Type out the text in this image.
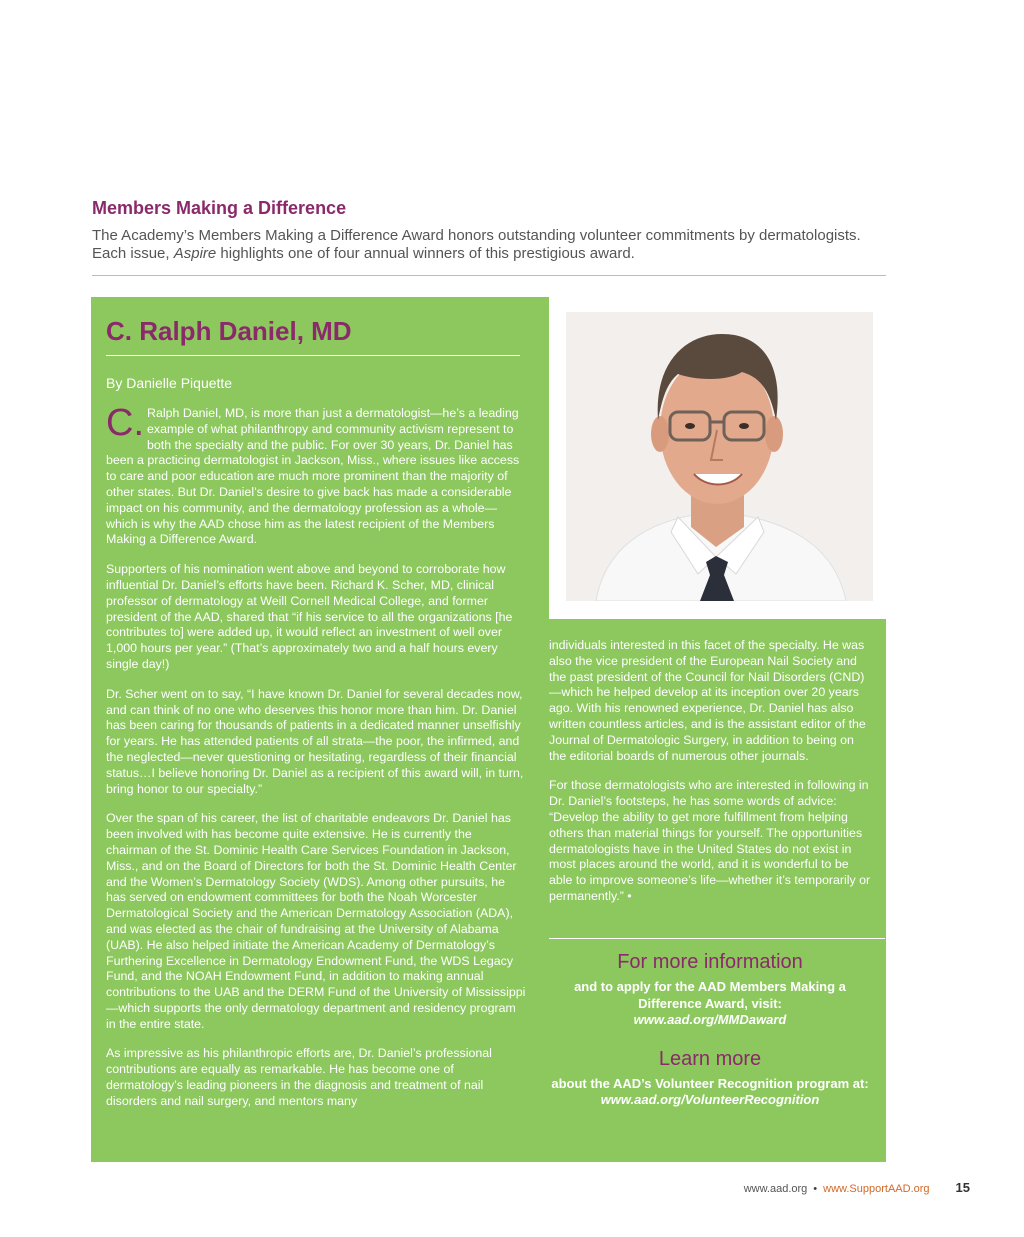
Members Making a Difference

The Academy’s Members Making a Difference Award honors outstanding volunteer commitments by dermatologists.

Each issue, Aspire highlights one of four annual winners of this prestigious award.

C. Ralph Daniel, MD

By Danielle Piquette

C. Ralph Daniel, MD, is more than just a dermatologist—he’s a leading example of what philanthropy and community activism represent to both the specialty and the public. For over 30 years, Dr. Daniel has been a practicing dermatologist in Jackson, Miss., where issues like access to care and poor education are much more prominent than the majority of other states. But Dr. Daniel’s desire to give back has made a considerable impact on his community, and the dermatology profession as a whole—which is why the AAD chose him as the latest recipient of the Members Making a Difference Award.

Supporters of his nomination went above and beyond to corroborate how influential Dr. Daniel’s efforts have been. Richard K. Scher, MD, clinical professor of dermatology at Weill Cornell Medical College, and former president of the AAD, shared that “if his service to all the organizations [he contributes to] were added up, it would reflect an investment of well over 1,000 hours per year.” (That’s approximately two and a half hours every single day!)

Dr. Scher went on to say, “I have known Dr. Daniel for several decades now, and can think of no one who deserves this honor more than him. Dr. Daniel has been caring for thousands of patients in a dedicated manner unselfishly for years. He has attended patients of all strata—the poor, the infirmed, and the neglected—never questioning or hesitating, regardless of their financial status…I believe honoring Dr. Daniel as a recipient of this award will, in turn, bring honor to our specialty.”

Over the span of his career, the list of charitable endeavors Dr. Daniel has been involved with has become quite extensive. He is currently the chairman of the St. Dominic Health Care Services Foundation in Jackson, Miss., and on the Board of Directors for both the St. Dominic Health Center and the Women’s Dermatology Society (WDS). Among other pursuits, he has served on endowment committees for both the Noah Worcester Dermatological Society and the American Dermatology Association (ADA), and was elected as the chair of fundraising at the University of Alabama (UAB). He also helped initiate the American Academy of Dermatology’s Furthering Excellence in Dermatology Endowment Fund, the WDS Legacy Fund, and the NOAH Endowment Fund, in addition to making annual contributions to the UAB and the DERM Fund of the University of Mississippi—which supports the only dermatology department and residency program in the entire state.

As impressive as his philanthropic efforts are, Dr. Daniel’s professional contributions are equally as remarkable. He has become one of dermatology’s leading pioneers in the diagnosis and treatment of nail disorders and nail surgery, and mentors many

individuals interested in this facet of the specialty. He was also the vice president of the European Nail Society and the past president of the Council for Nail Disorders (CND)—which he helped develop at its inception over 20 years ago. With his renowned experience, Dr. Daniel has also written countless articles, and is the assistant editor of the Journal of Dermatologic Surgery, in addition to being on the editorial boards of numerous other journals.

For those dermatologists who are interested in following in Dr. Daniel’s footsteps, he has some words of advice: “Develop the ability to get more fulfillment from helping others than material things for yourself. The opportunities dermatologists have in the United States do not exist in most places around the world, and it is wonderful to be able to improve someone’s life—whether it’s temporarily or permanently.” •

For more information

and to apply for the AAD Members Making a Difference Award, visit:

www.aad.org/MMDaward

Learn more

about the AAD’s Volunteer Recognition program at:

www.aad.org/VolunteerRecognition
www.aad.org • www.SupportAAD.org 15
